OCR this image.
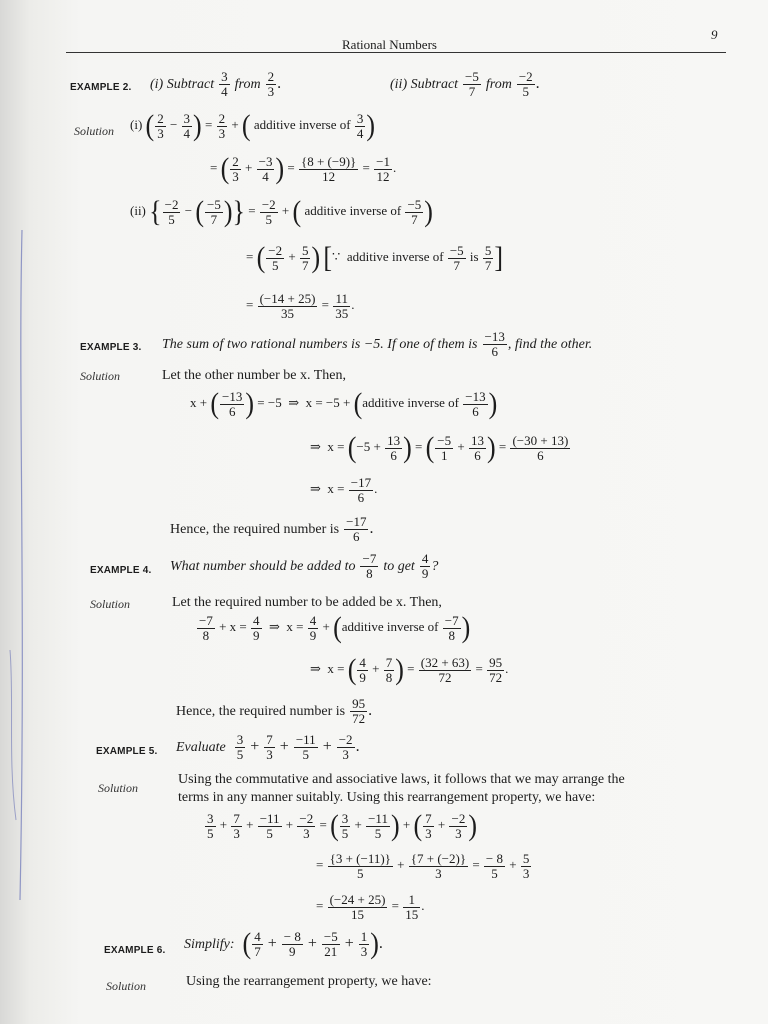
Rational Numbers
9
EXAMPLE 2. (i) Subtract $\frac{3}{4}$ from $\frac{2}{3}$ .	(ii) Subtract $\frac{-5}{7}$ from $\frac{-2}{5}$ .
Solution (i) ( $\frac{2}{3} - \frac{3}{4}$ ) = $\frac{2}{3}$ + ( additive inverse of $\frac{3}{4}$ )
= ( $\frac{2}{3} + \frac{-3}{4}$ ) = $\frac{\{8 + (-9)\}}{12} = \frac{-1}{12}$ .
(ii) { $\frac{-2}{5}$ − ( $\frac{-5}{7}$ )} = $\frac{-2}{5}$ + ( additive inverse of $\frac{-5}{7}$ )
= ( $\frac{-2}{5} + \frac{5}{7}$ ) [∵ additive inverse of $\frac{-5}{7}$ is $\frac{5}{7}$ ]
= $\frac{(-14 + 25)}{35} = \frac{11}{35}$ .
EXAMPLE 3. The sum of two rational numbers is −5. If one of them is $\frac{-13}{6}$ , find the other.
Solution	Let the other number be x. Then,
x + ( $\frac{-13}{6}$ ) = −5  ⇒  x = −5 + (additive inverse of $\frac{-13}{6}$ )
⇒  $x = (-5 + \frac{13}{6}$ ) = ( $\frac{-5}{1} + \frac{13}{6}$ ) = $\frac{(-30 + 13)}{6}$
⇒  $x = \frac{-17}{6}$ .
Hence, the required number is $\frac{-17}{6}$ .
EXAMPLE 4. What number should be added to $\frac{-7}{8}$ to get $\frac{4}{9}$ ?
Solution	Let the required number to be added be x. Then,
$\frac{-7}{8} + x = \frac{4}{9}$ ⇒  $x = \frac{4}{9}$ + (additive inverse of $\frac{-7}{8}$ )
⇒  x = ( $\frac{4}{9} + \frac{7}{8}$ ) = $\frac{(32 + 63)}{72} = \frac{95}{72}$ .
Hence, the required number is $\frac{95}{72}$ .
EXAMPLE 5. Evaluate $\frac{3}{5} + \frac{7}{3} + \frac{-11}{5} + \frac{-2}{3}$ .
Solution
Using the commutative and associative laws, it follows that we may arrange the
terms in any manner suitably. Using this rearrangement property, we have:
$\frac{3}{5} + \frac{7}{3} + \frac{-11}{5} + \frac{-2}{3}$ = ( $\frac{3}{5} + \frac{-11}{5}$ ) + ( $\frac{7}{3} + \frac{-2}{3}$ )
= $\frac{\{3 + (-11)\}}{5} + \frac{\{7 + (-2)\}}{3} = \frac{- 8}{5} + \frac{5}{3}$
= $\frac{(-24 + 25)}{15} = \frac{1}{15}$ .
EXAMPLE 6. Simplify: ( $\frac{4}{7} + \frac{- 8}{9} + \frac{-5}{21} + \frac{1}{3}$ ).
Solution	Using the rearrangement property, we have:
